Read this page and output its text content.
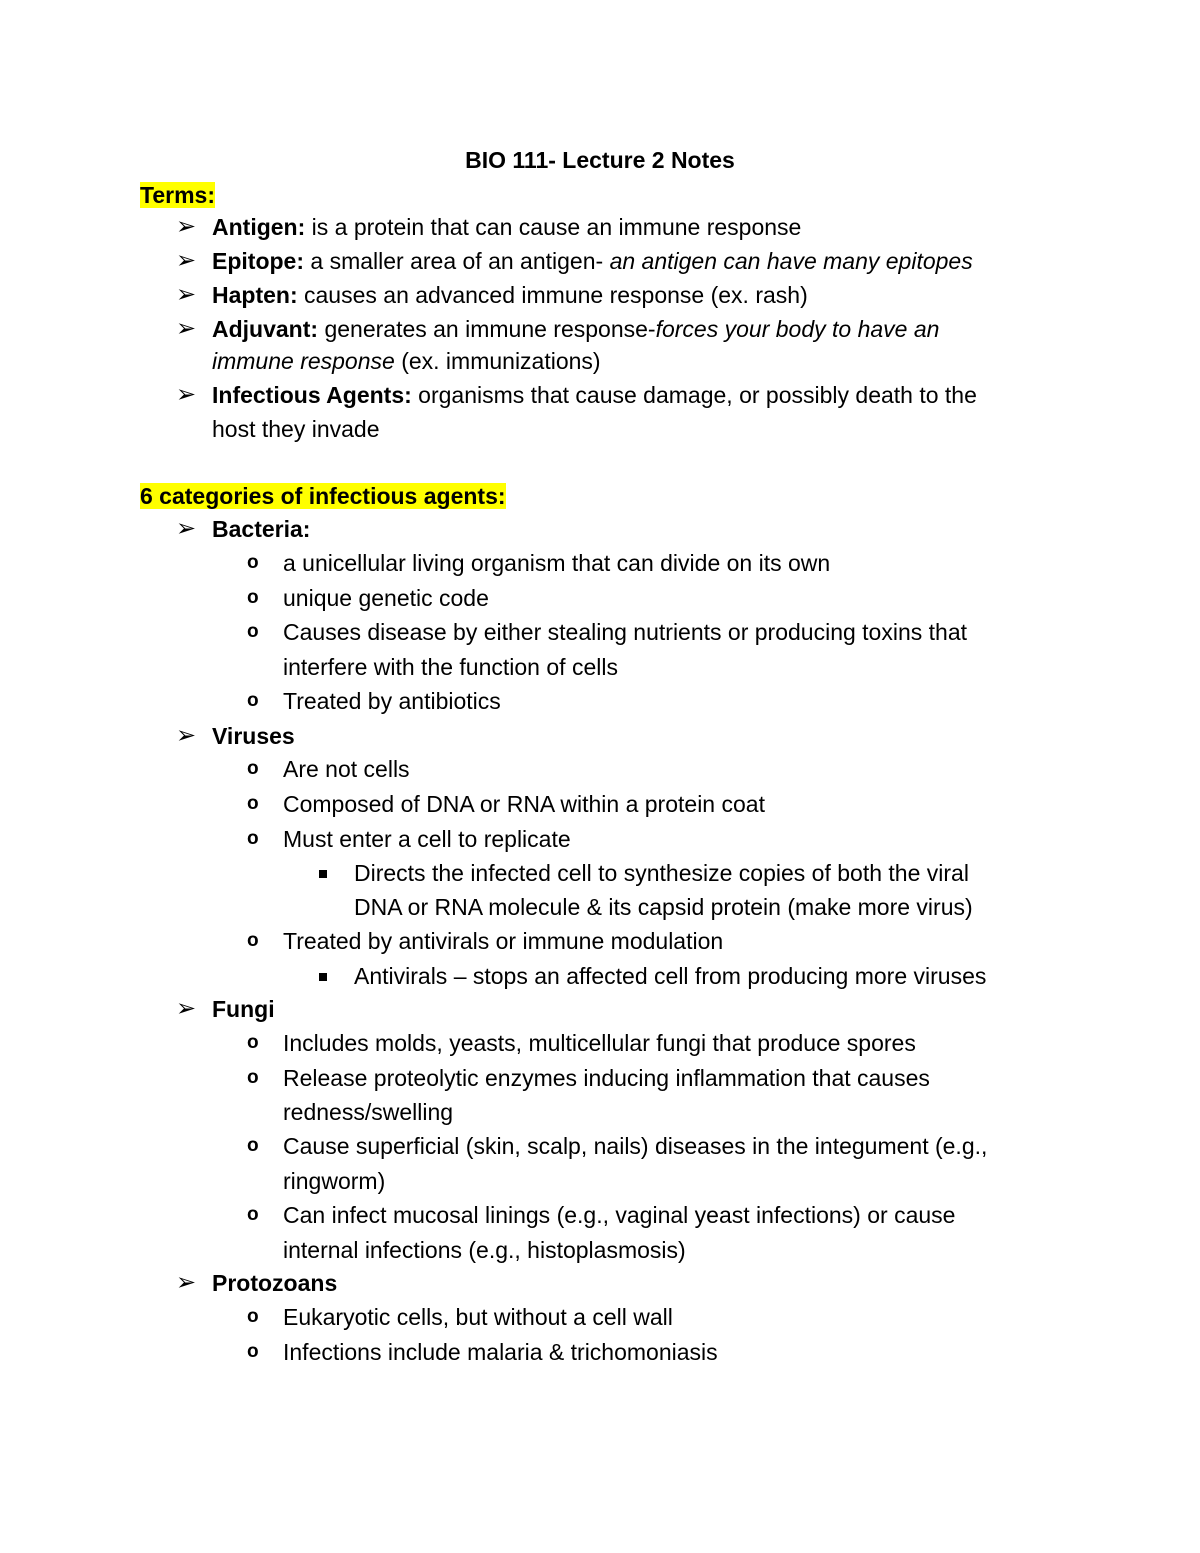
BIO 111- Lecture 2 Notes
Terms:
➢ Antigen: is a protein that can cause an immune response
➢ Epitope: a smaller area of an antigen- an antigen can have many epitopes
➢ Hapten: causes an advanced immune response (ex. rash)
➢ Adjuvant: generates an immune response-forces your body to have an
immune response (ex. immunizations)
➢ Infectious Agents: organisms that cause damage, or possibly death to the
host they invade
6 categories of infectious agents:
➢ Bacteria:
o a unicellular living organism that can divide on its own
o unique genetic code
o Causes disease by either stealing nutrients or producing toxins that
interfere with the function of cells
o Treated by antibiotics
➢ Viruses
o Are not cells
o Composed of DNA or RNA within a protein coat
o Must enter a cell to replicate
Directs the infected cell to synthesize copies of both the viral
DNA or RNA molecule & its capsid protein (make more virus)
o Treated by antivirals or immune modulation
Antivirals – stops an affected cell from producing more viruses
➢ Fungi
o Includes molds, yeasts, multicellular fungi that produce spores
o Release proteolytic enzymes inducing inflammation that causes
redness/swelling
o Cause superficial (skin, scalp, nails) diseases in the integument (e.g.,
ringworm)
o Can infect mucosal linings (e.g., vaginal yeast infections) or cause
internal infections (e.g., histoplasmosis)
➢ Protozoans
o Eukaryotic cells, but without a cell wall
o Infections include malaria & trichomoniasis
